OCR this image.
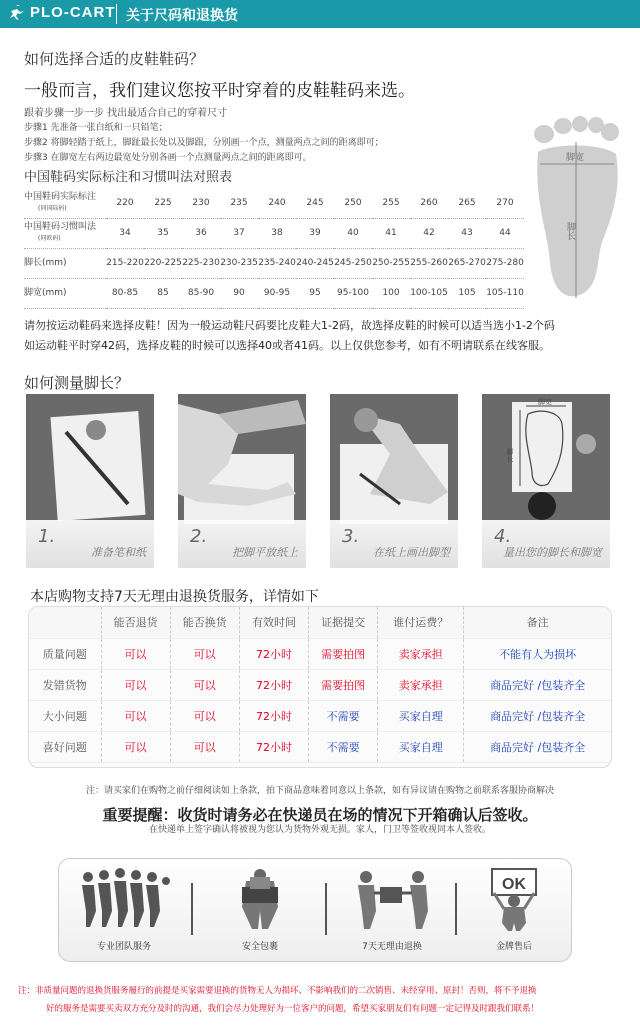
PLO-CART 关于尺码和退换货
如何选择合适的皮鞋鞋码？
一般而言，我们建议您按平时穿着的皮鞋鞋码来选。
跟着步骤一步一步 找出最适合自己的穿着尺寸
步骤1 先准备一张白纸和一只铅笔；
步骤2 将脚轻踏于纸上，脚趾最长处以及脚跟，分别画一个点，测量两点之间的距离即可；
步骤3 在脚宽左右两边最宽处分别各画一个点测量两点之间的距离即可。
中国鞋码实际标注和习惯叫法对照表
中国鞋码实际标注
(同国际码)	220	225	230	235	240	245	250	255	260	265	270
中国鞋码习惯叫法
(同欧码)	34	35	36	37	38	39	40	41	42	43	44
脚长(mm)	215-220	220-225	225-230	230-235	235-240	240-245	245-250	250-255	255-260	265-270	275-280
脚宽(mm)	80-85	85	85-90	90	90-95	95	95-100	100	100-105	105	105-110
脚宽
脚长
请勿按运动鞋码来选择皮鞋！因为一般运动鞋尺码要比皮鞋大1-2码，故选择皮鞋的时候可以适当选小1-2个码
如运动鞋平时穿42码，选择皮鞋的时候可以选择40或者41码。以上仅供您参考，如有不明请联系在线客服。
如何测量脚长？
1.
准备笔和纸
2.
把脚平放纸上
3.
在纸上画出脚型
脚宽
脚长
4.
量出您的脚长和脚宽
本店购物支持7天无理由退换货服务，详情如下
	能否退货	能否换货	有效时间	证据提交	谁付运费？	备注
质量问题	可以	可以	72小时	需要拍图	卖家承担	不能有人为损坏
发错货物	可以	可以	72小时	需要拍图	卖家承担	商品完好 /包装齐全
大小问题	可以	可以	72小时	不需要	买家自理	商品完好 /包装齐全
喜好问题	可以	可以	72小时	不需要	买家自理	商品完好 /包装齐全
注：请买家们在购物之前仔细阅读如上条款，拍下商品意味着同意以上条款，如有异议请在购物之前联系客服协商解决
重要提醒：收货时请务必在快递员在场的情况下开箱确认后签收。
在快递单上签字确认将被视为您认为货物外观无损。家人，门卫等签收视同本人签收。
专业团队服务	安全包裹	7天无理由退换
OK
金牌售后
注：非质量问题的退换货服务履行的前提是买家需要退换的货物无人为损坏、不影响我们的二次销售、未经穿用、原封！否则，将不予退换
好的服务是需要买卖双方充分及时的沟通，我们会尽力处理好为一位客户的问题，希望买家朋友们有问题一定记得及时跟我们联系！
